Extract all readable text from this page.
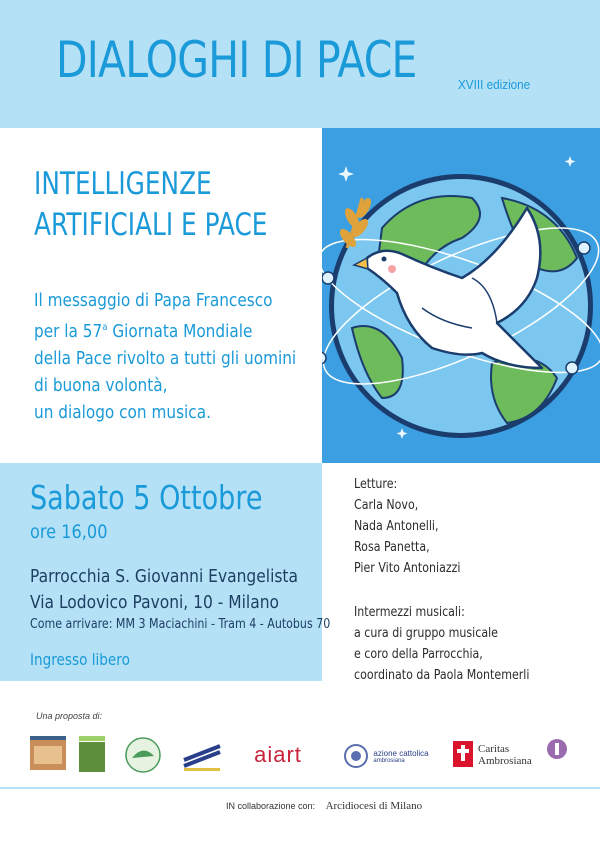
DIALOGHI DI PACE	XVIII edizione
INTELLIGENZE
ARTIFICIALI E PACE
Il messaggio di Papa Francesco
per la 57$^a$ Giornata Mondiale
della Pace rivolto a tutti gli uomini
di buona volontà,
un dialogo con musica.
Sabato 5 Ottobre
ore 16,00
Parrocchia S. Giovanni Evangelista
Via Lodovico Pavoni, 10 - Milano
Come arrivare: MM 3 Maciachini - Tram 4 - Autobus 70
Ingresso libero
Letture:
Carla Novo,
Nada Antonelli,
Rosa Panetta,
Pier Vito Antoniazzi
Intermezzi musicali:
a cura di gruppo musicale
e coro della Parrocchia,
coordinato da Paola Montemerli
Una proposta di:
aiart	azione cattolica
ambrosiana
Caritas
Ambrosiana
IN collaborazione con: Arcidiocesi di Milano
